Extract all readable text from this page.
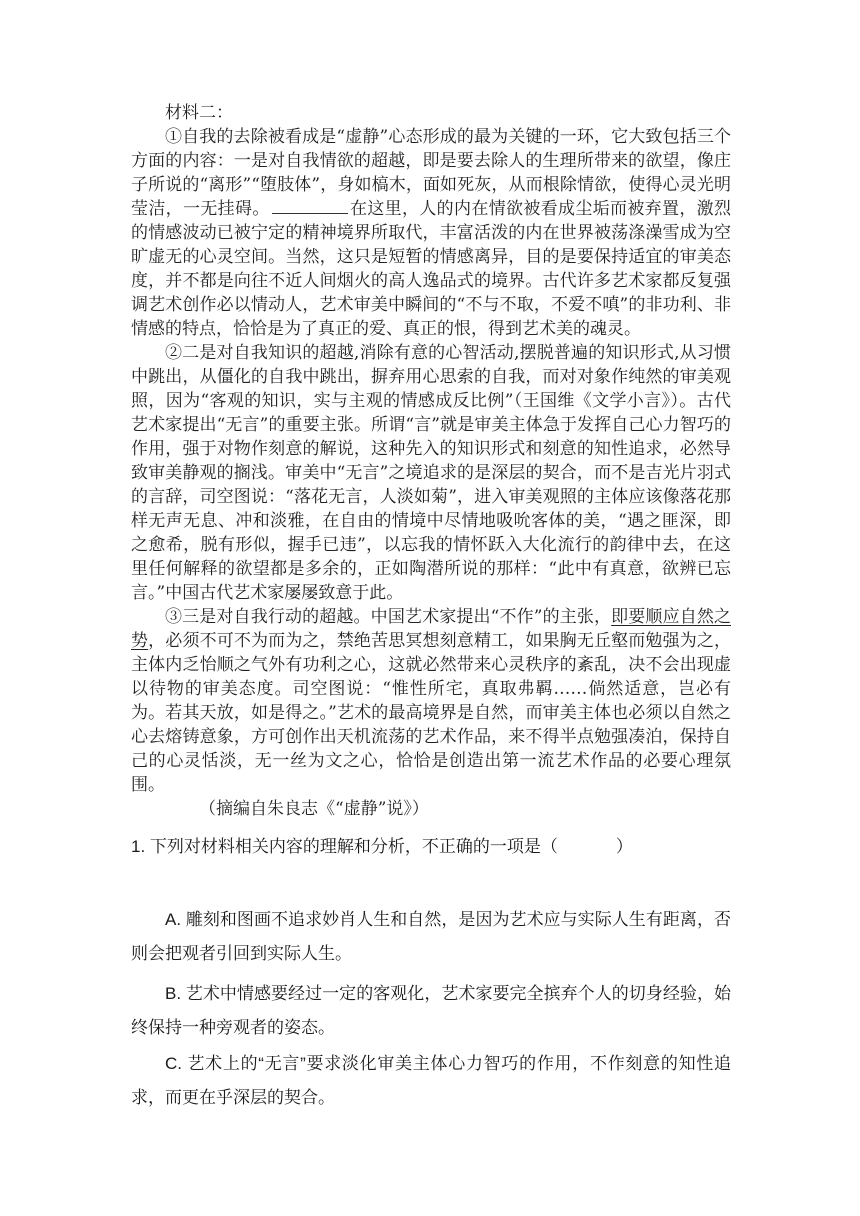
材料二：

①自我的去除被看成是“虚静”心态形成的最为关键的一环，它大致包括三个方面的内容：一是对自我情欲的超越，即是要去除人的生理所带来的欲望，像庄子所说的“离形”“堕肢体”，身如槁木，面如死灰，从而根除情欲，使得心灵光明莹洁，一无挂碍。	在这里，人的内在情欲被看成尘垢而被弃置，激烈的情感波动已被宁定的精神境界所取代，丰富活泼的内在世界被荡涤澡雪成为空旷虚无的心灵空间。当然，这只是短暂的情感离异，目的是要保持适宜的审美态度，并不都是向往不近人间烟火的高人逸品式的境界。古代许多艺术家都反复强调艺术创作必以情动人，艺术审美中瞬间的“不与不取，不爱不嗔”的非功利、非情感的特点，恰恰是为了真正的爱、真正的恨，得到艺术美的魂灵。

②二是对自我知识的超越,消除有意的心智活动,摆脱普遍的知识形式,从习惯中跳出，从僵化的自我中跳出，摒弃用心思索的自我，而对对象作纯然的审美观照，因为“客观的知识，实与主观的情感成反比例”（王国维《文学小言》）。古代艺术家提出“无言”的重要主张。所谓“言”就是审美主体急于发挥自己心力智巧的作用，强于对物作刻意的解说，这种先入的知识形式和刻意的知性追求，必然导致审美静观的搁浅。审美中“无言”之境追求的是深层的契合，而不是吉光片羽式的言辞，司空图说：“落花无言，人淡如菊”，进入审美观照的主体应该像落花那样无声无息、冲和淡雅，在自由的情境中尽情地吸吮客体的美，“遇之匪深，即之愈希，脱有形似，握手已违”，以忘我的情怀跃入大化流行的韵律中去，在这里任何解释的欲望都是多余的，正如陶潜所说的那样：“此中有真意，欲辨已忘言。”中国古代艺术家屡屡致意于此。

③三是对自我行动的超越。中国艺术家提出“不作”的主张，即要顺应自然之势，必须不可不为而为之，禁绝苦思冥想刻意精工，如果胸无丘壑而勉强为之，主体内乏怡顺之气外有功利之心，这就必然带来心灵秩序的紊乱，决不会出现虚以待物的审美态度。司空图说：“惟性所宅，真取弗羁……倘然适意，岂必有为。若其天放，如是得之。”艺术的最高境界是自然，而审美主体也必须以自然之心去熔铸意象，方可创作出天机流荡的艺术作品，来不得半点勉强凑泊，保持自己的心灵恬淡，无一丝为文之心，恰恰是创造出第一流艺术作品的必要心理氛围。

（摘编自朱良志《“虚静”说》）

1. 下列对材料相关内容的理解和分析，不正确的一项是（	）

A. 雕刻和图画不追求妙肖人生和自然，是因为艺术应与实际人生有距离，否则会把观者引回到实际人生。

B. 艺术中情感要经过一定的客观化，艺术家要完全摈弃个人的切身经验，始终保持一种旁观者的姿态。

C. 艺术上的“无言”要求淡化审美主体心力智巧的作用，不作刻意的知性追求，而更在乎深层的契合。
